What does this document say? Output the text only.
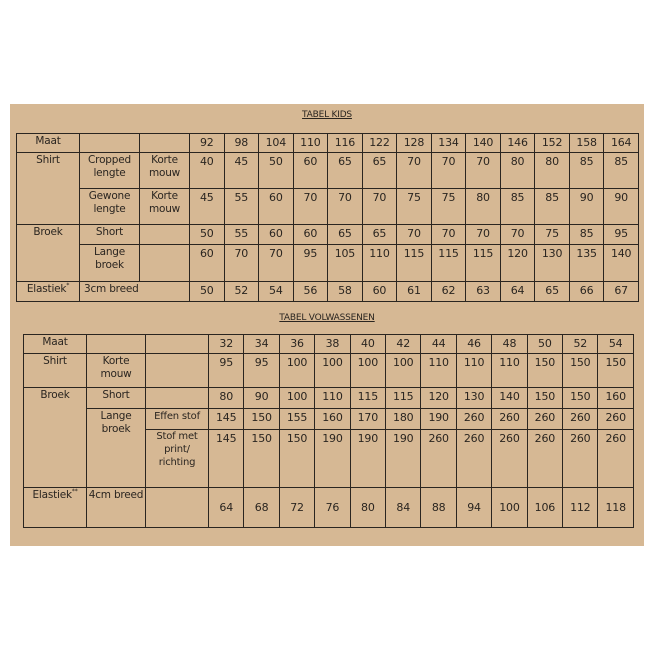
TABEL KIDS
Maat			92	98	104	110	116	122	128	134	140	146	152	158	164
Shirt	Cropped lengte	Korte mouw	40	45	50	60	65	65	70	70	70	80	80	85	85
	Gewone lengte	Korte mouw	45	55	60	70	70	70	75	75	80	85	85	90	90
Broek	Short		50	55	60	60	65	65	70	70	70	70	75	85	95
	Lange broek		60	70	70	95	105	110	115	115	115	120	130	135	140
Elastiek*	3cm breed		50	52	54	56	58	60	61	62	63	64	65	66	67
TABEL VOLWASSENEN
Maat			32	34	36	38	40	42	44	46	48	50	52	54
Shirt	Korte mouw		95	95	100	100	100	100	110	110	110	150	150	150
Broek	Short		80	90	100	110	115	115	120	130	140	150	150	160
	Lange broek	Effen stof	145	150	155	160	170	180	190	260	260	260	260	260
		Stof met print/ richting	145	150	150	190	190	190	260	260	260	260	260	260
Elastiek**	4cm breed		64	68	72	76	80	84	88	94	100	106	112	118
